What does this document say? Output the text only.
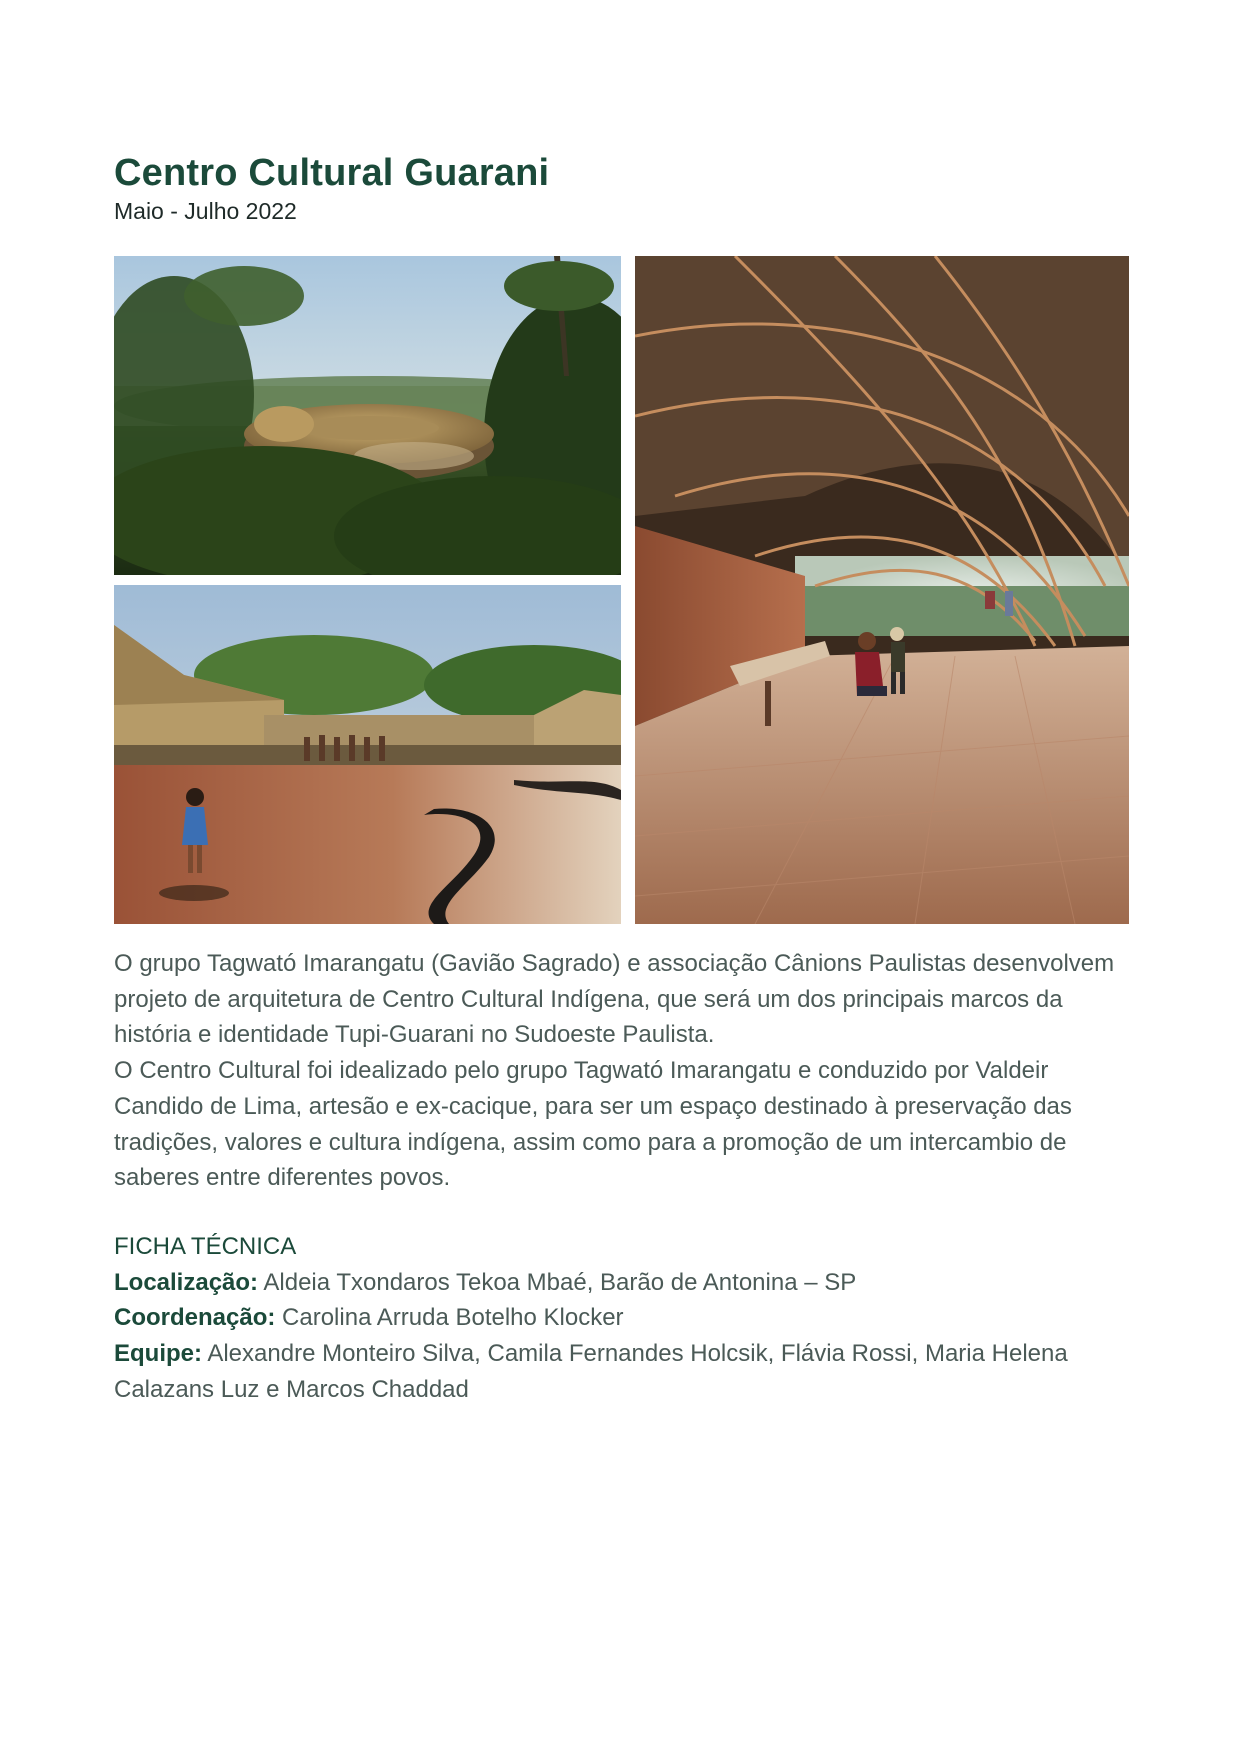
Centro Cultural Guarani
Maio - Julho 2022

O grupo Tagwató Imarangatu (Gavião Sagrado) e associação Cânions Paulistas desenvolvem projeto de arquitetura de Centro Cultural Indígena, que será um dos principais marcos da história e identidade Tupi-Guarani no Sudoeste Paulista.

O Centro Cultural foi idealizado pelo grupo Tagwató Imarangatu e conduzido por Valdeir Candido de Lima, artesão e ex-cacique, para ser um espaço destinado à preservação das tradições, valores e cultura indígena, assim como para a promoção de um intercambio de saberes entre diferentes povos.

FICHA TÉCNICA

Localização: Aldeia Txondaros Tekoa Mbaé, Barão de Antonina – SP

Coordenação: Carolina Arruda Botelho Klocker

Equipe: Alexandre Monteiro Silva, Camila Fernandes Holcsik, Flávia Rossi, Maria Helena Calazans Luz e Marcos Chaddad
